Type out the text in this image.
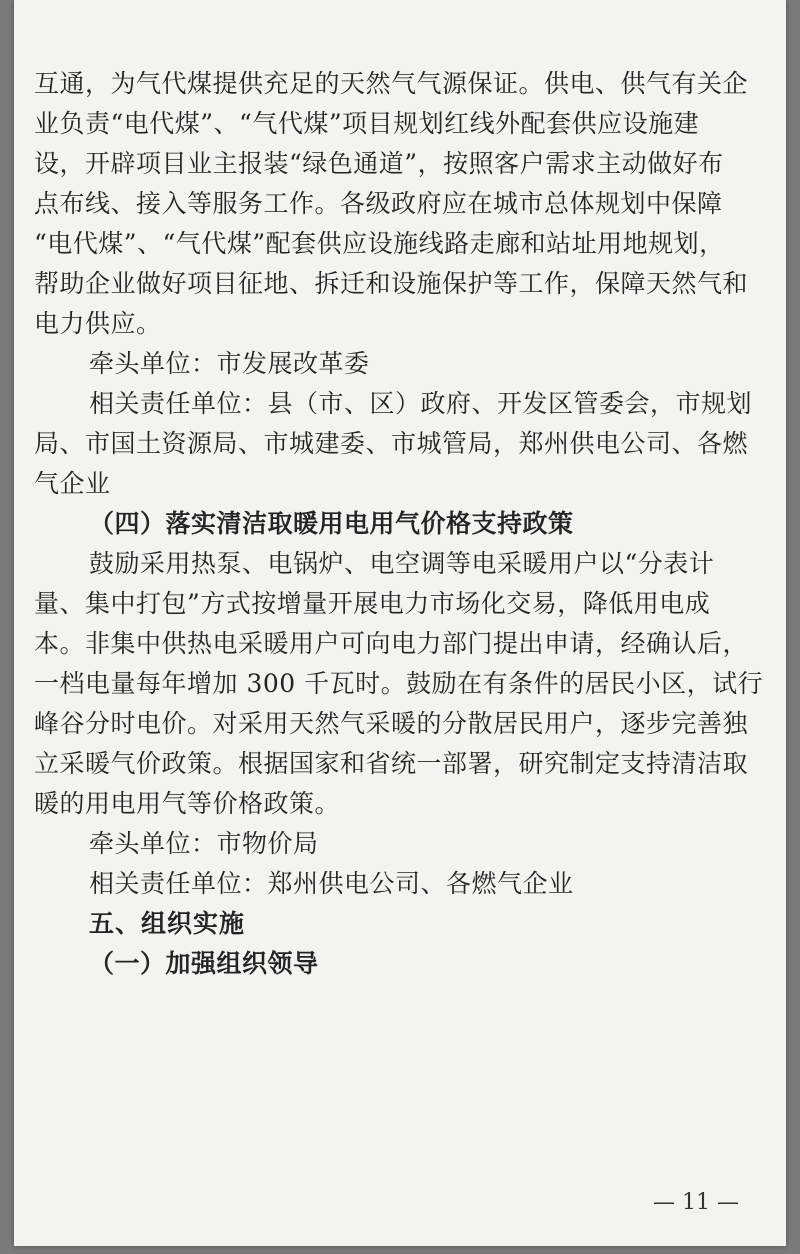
互通，为气代煤提供充足的天然气气源保证。供电、供气有关企
业负责“电代煤”、“气代煤”项目规划红线外配套供应设施建
设，开辟项目业主报装“绿色通道”，按照客户需求主动做好布
点布线、接入等服务工作。各级政府应在城市总体规划中保障
“电代煤”、“气代煤”配套供应设施线路走廊和站址用地规划，
帮助企业做好项目征地、拆迁和设施保护等工作，保障天然气和
电力供应。
牵头单位：市发展改革委
相关责任单位：县（市、区）政府、开发区管委会，市规划
局、市国土资源局、市城建委、市城管局，郑州供电公司、各燃
气企业
（四）落实清洁取暖用电用气价格支持政策
鼓励采用热泵、电锅炉、电空调等电采暖用户以“分表计
量、集中打包”方式按增量开展电力市场化交易，降低用电成
本。非集中供热电采暖用户可向电力部门提出申请，经确认后，
一档电量每年增加 300 千瓦时。鼓励在有条件的居民小区，试行
峰谷分时电价。对采用天然气采暖的分散居民用户，逐步完善独
立采暖气价政策。根据国家和省统一部署，研究制定支持清洁取
暖的用电用气等价格政策。
牵头单位：市物价局
相关责任单位：郑州供电公司、各燃气企业
五、组织实施
（一）加强组织领导
— 11 —
